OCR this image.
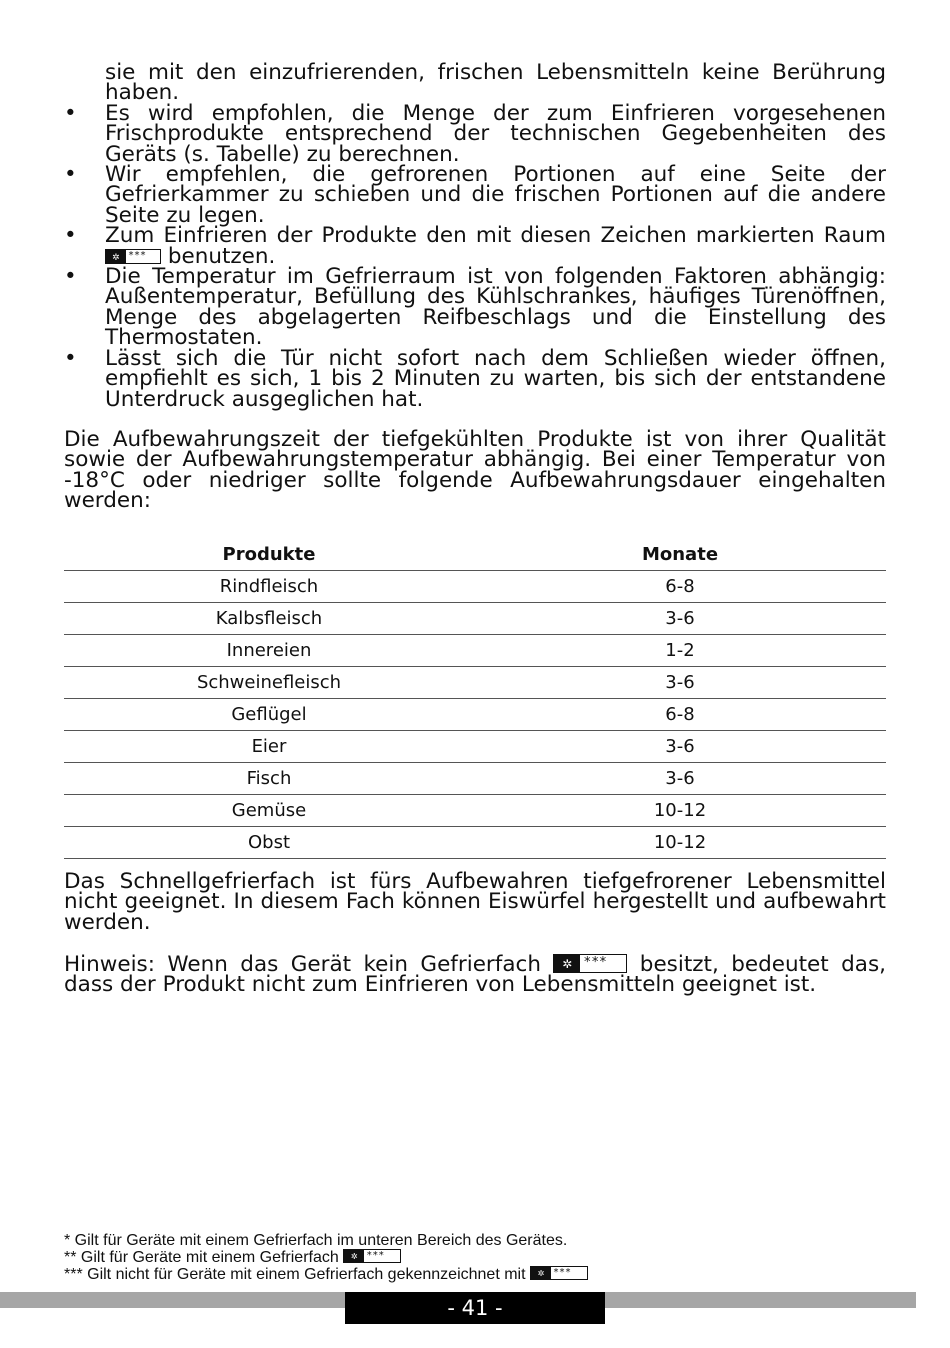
sie mit den einzufrierenden, frischen Lebensmitteln keine Berührung haben.
• Es wird empfohlen, die Menge der zum Einfrieren vorgesehenen Frischprodukte entsprechend der technischen Gegebenheiten des Geräts (s. Tabelle) zu berechnen.
• Wir empfehlen, die gefrorenen Portionen auf eine Seite der Gefrierkammer zu schieben und die frischen Portionen auf die andere Seite zu legen.
• Zum Einfrieren der Produkte den mit diesen Zeichen markierten Raum
✲ *** benutzen.
• Die Temperatur im Gefrierraum ist von folgenden Faktoren abhängig: Außentemperatur, Befüllung des Kühlschrankes, häufiges Türenöffnen, Menge des abgelagerten Reifbeschlags und die Einstellung des Thermostaten.
• Lässt sich die Tür nicht sofort nach dem Schließen wieder öffnen, empfiehlt es sich, 1 bis 2 Minuten zu warten, bis sich der entstandene Unterdruck ausgeglichen hat.
Die Aufbewahrungszeit der tiefgekühlten Produkte ist von ihrer Qualität sowie der Aufbewahrungstemperatur abhängig. Bei einer Temperatur von -18°C oder niedriger sollte folgende Aufbewahrungsdauer eingehalten werden:
Produkte	Monate
Rindfleisch	6-8
Kalbsfleisch	3-6
Innereien	1-2
Schweinefleisch	3-6
Geflügel	6-8
Eier	3-6
Fisch	3-6
Gemüse	10-12
Obst	10-12
Das Schnellgefrierfach ist fürs Aufbewahren tiefgefrorener Lebensmittel nicht geeignet. In diesem Fach können Eiswürfel hergestellt und aufbewahrt werden.
Hinweis: Wenn das Gerät kein Gefrierfach	✲ *** besitzt, bedeutet das, dass der Produkt nicht zum Einfrieren von Lebensmitteln geeignet ist.
* Gilt für Geräte mit einem Gefrierfach im unteren Bereich des Gerätes.
** Gilt für Geräte mit einem Gefrierfach	✲ ***
*** Gilt nicht für Geräte mit einem Gefrierfach gekennzeichnet mit	✲ ***
- 41 -
